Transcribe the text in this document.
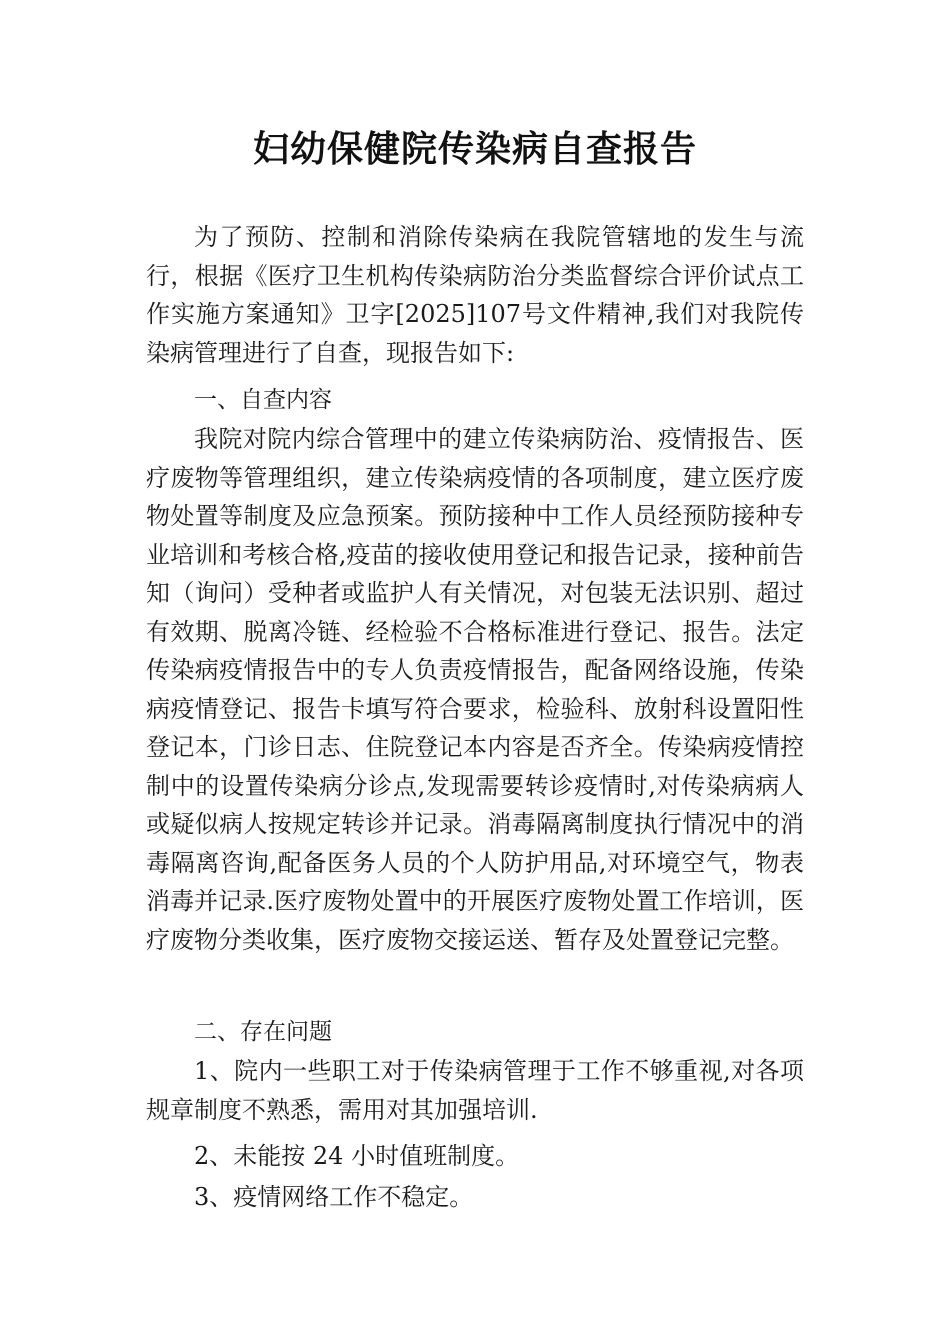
妇幼保健院传染病自查报告

为了预防、控制和消除传染病在我院管辖地的发生与流行，根据《医疗卫生机构传染病防治分类监督综合评价试点工作实施方案通知》卫字[2025]107号文件精神,我们对我院传染病管理进行了自查，现报告如下:

一、自查内容

我院对院内综合管理中的建立传染病防治、疫情报告、医疗废物等管理组织，建立传染病疫情的各项制度，建立医疗废物处置等制度及应急预案。预防接种中工作人员经预防接种专业培训和考核合格,疫苗的接收使用登记和报告记录，接种前告知（询问）受种者或监护人有关情况，对包装无法识别、超过有效期、脱离冷链、经检验不合格标准进行登记、报告。法定传染病疫情报告中的专人负责疫情报告，配备网络设施，传染病疫情登记、报告卡填写符合要求，检验科、放射科设置阳性登记本，门诊日志、住院登记本内容是否齐全。传染病疫情控制中的设置传染病分诊点,发现需要转诊疫情时,对传染病病人或疑似病人按规定转诊并记录。消毒隔离制度执行情况中的消毒隔离咨询,配备医务人员的个人防护用品,对环境空气，物表消毒并记录.医疗废物处置中的开展医疗废物处置工作培训，医疗废物分类收集，医疗废物交接运送、暂存及处置登记完整。

二、存在问题

1、院内一些职工对于传染病管理于工作不够重视,对各项规章制度不熟悉，需用对其加强培训.

2、未能按 24 小时值班制度。

3、疫情网络工作不稳定。
